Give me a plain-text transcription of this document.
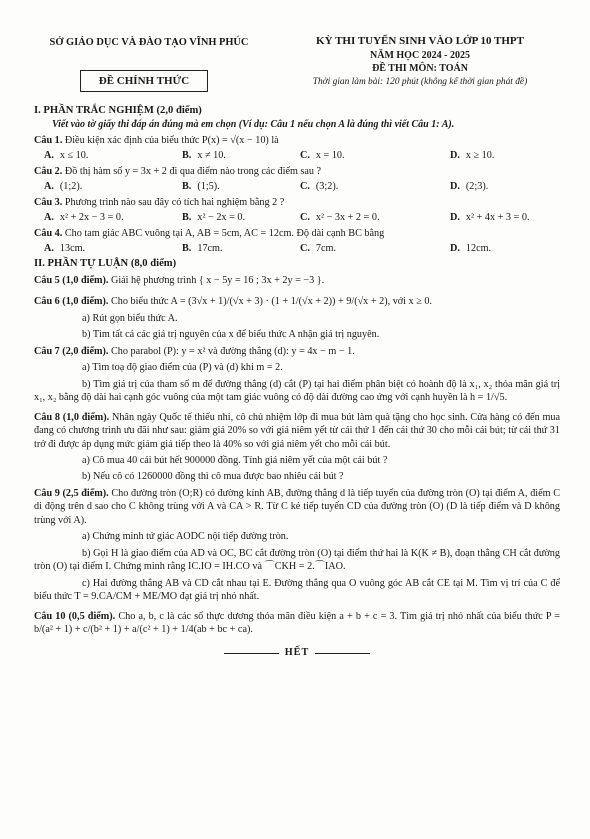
SỞ GIÁO DỤC VÀ ĐÀO TẠO VĨNH PHÚC
ĐỀ CHÍNH THỨC
KỲ THI TUYỂN SINH VÀO LỚP 10 THPT
NĂM HỌC 2024 - 2025
ĐỀ THI MÔN: TOÁN
Thời gian làm bài: 120 phút (không kể thời gian phát đề)
I. PHẦN TRẮC NGHIỆM (2,0 điểm)
Viết vào tờ giấy thi đáp án đúng mà em chọn (Ví dụ: Câu 1 nếu chọn A là đúng thì viết Câu 1: A).
Câu 1. Điều kiện xác định của biểu thức P(x) = √(x − 10) là
A. x ≤ 10.	B. x ≠ 10.	C. x = 10.	D. x ≥ 10.
Câu 2. Đồ thị hàm số y = 3x + 2 đi qua điểm nào trong các điểm sau ?
A. (1;2).	B. (1;5).	C. (3;2).	D. (2;3).
Câu 3. Phương trình nào sau đây có tích hai nghiệm bằng 2 ?
A. x² + 2x − 3 = 0.	B. x² − 2x = 0.	C. x² − 3x + 2 = 0.	D. x² + 4x + 3 = 0.
Câu 4. Cho tam giác ABC vuông tại A, AB = 5cm, AC = 12cm. Độ dài cạnh BC bằng
A. 13cm.	B. 17cm.	C. 7cm.	D. 12cm.
II. PHẦN TỰ LUẬN (8,0 điểm)
Câu 5 (1,0 điểm). Giải hệ phương trình { x − 5y = 16 ; 3x + 2y = −3 }.
Câu 6 (1,0 điểm). Cho biểu thức A = (3√x + 1)/(√x + 3) · (1 + 1/(√x + 2)) + 9/(√x + 2), với x ≥ 0.
a) Rút gọn biểu thức A.
b) Tìm tất cả các giá trị nguyên của x để biểu thức A nhận giá trị nguyên.
Câu 7 (2,0 điểm). Cho parabol (P): y = x² và đường thẳng (d): y = 4x − m − 1.
a) Tìm toạ độ giao điểm của (P) và (d) khi m = 2.
b) Tìm giá trị của tham số m để đường thẳng (d) cắt (P) tại hai điểm phân biệt có hoành độ là x₁, x₂ thỏa mãn giá trị x₁, x₂ bằng độ dài hai cạnh góc vuông của một tam giác vuông có độ dài đường cao ứng với cạnh huyền là h = 1/√5.
Câu 8 (1,0 điểm). Nhân ngày Quốc tế thiếu nhi, cô chủ nhiệm lớp đi mua bút làm quà tặng cho học sinh. Cửa hàng có đến mua đang có chương trình ưu đãi như sau: giảm giá 20% so với giá niêm yết từ cái thứ 1 đến cái thứ 30 cho mỗi cái bút; từ cái thứ 31 trở đi được áp dụng mức giảm giá tiếp theo là 40% so với giá niêm yết cho mỗi cái bút.
a) Cô mua 40 cái bút hết 900000 đồng. Tính giá niêm yết của một cái bút ?
b) Nếu cô có 1260000 đồng thì cô mua được bao nhiêu cái bút ?
Câu 9 (2,5 điểm). Cho đường tròn (O;R) có đường kính AB, đường thẳng d là tiếp tuyến của đường tròn (O) tại điểm A, điểm C di động trên d sao cho C không trùng với A và CA > R. Từ C kẻ tiếp tuyến CD của đường tròn (O) (D là tiếp điểm và D không trùng với A).
a) Chứng minh tứ giác AODC nội tiếp đường tròn.
b) Gọi H là giao điểm của AD và OC, BC cắt đường tròn (O) tại điểm thứ hai là K(K ≠ B), đoạn thẳng CH cắt đường tròn (O) tại điểm I. Chứng minh rằng IC.IO = IH.CO và ⌒CKH = 2.⌒IAO.
c) Hai đường thẳng AB và CD cắt nhau tại E. Đường thẳng qua O vuông góc AB cắt CE tại M. Tìm vị trí của C để biểu thức T = 9.CA/CM + ME/MO đạt giá trị nhỏ nhất.
Câu 10 (0,5 điểm). Cho a, b, c là các số thực dương thỏa mãn điều kiện a + b + c = 3. Tìm giá trị nhỏ nhất của biểu thức P = b/(a² + 1) + c/(b² + 1) + a/(c² + 1) + 1/4(ab + bc + ca).
HẾT
